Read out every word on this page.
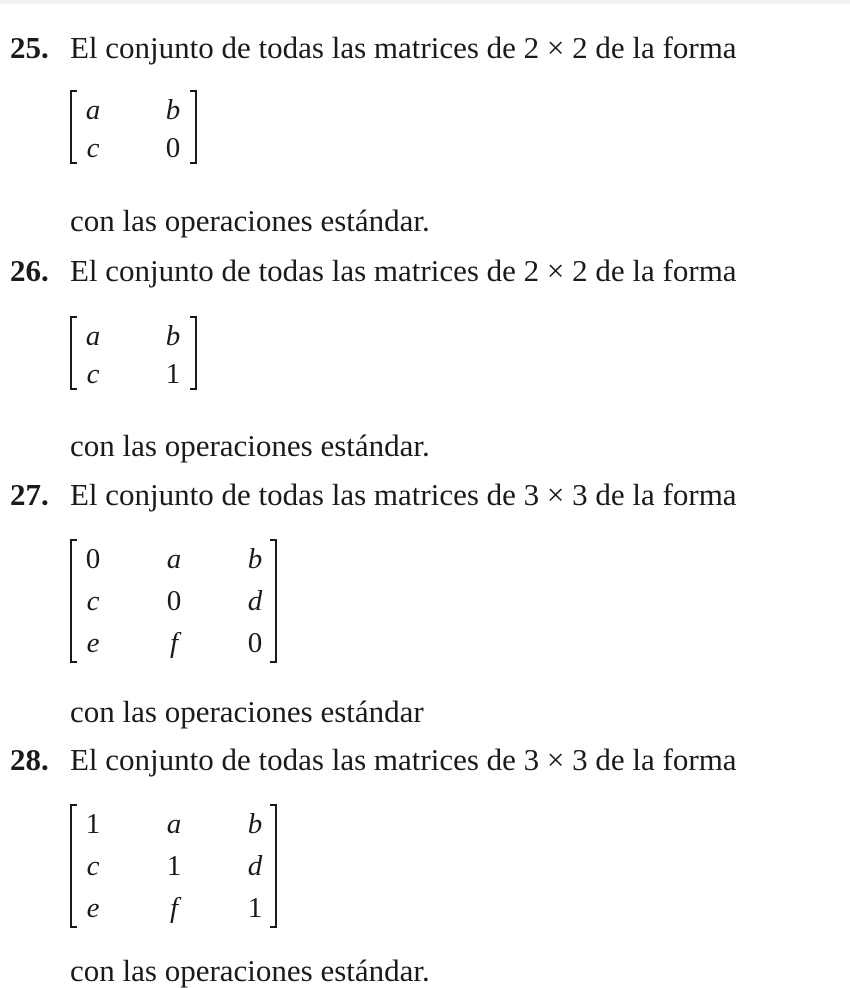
25. El conjunto de todas las matrices de 2 × 2 de la forma
a b
c 0
con las operaciones estándar.
26. El conjunto de todas las matrices de 2 × 2 de la forma
a b
c 1
con las operaciones estándar.
27. El conjunto de todas las matrices de 3 × 3 de la forma
0 a b
c 0 d
e	f	0
con las operaciones estándar
28. El conjunto de todas las matrices de 3 × 3 de la forma
1 a b
c 1 d
e	f	1
con las operaciones estándar.
